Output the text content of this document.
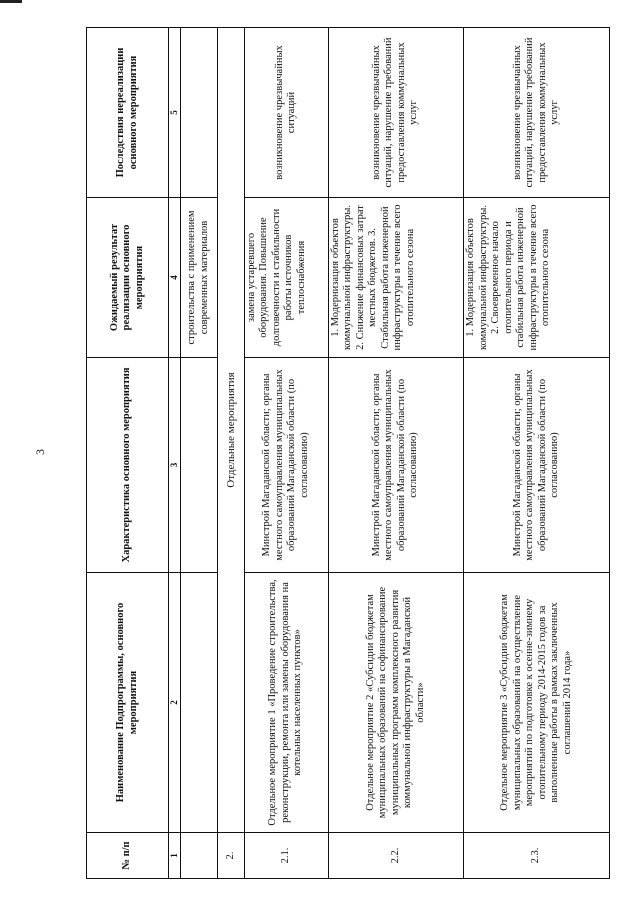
3
№ п/п	Наименование Подпрограммы, основного мероприятия	Характеристика основного мероприятия	Ожидаемый результат реализации основного мероприятия	Последствия нереализации основного мероприятия
1	2	3	4	5
			строительства с применением современных материалов	
2.	Отдельные мероприятия			
2.1.	Отдельное мероприятие 1 «Проведение строительства, реконструкции, ремонта или замены оборудования на котельных населенных пунктов»	Минстрой Магаданской области; органы местного самоуправления муниципальных образований Магаданской области (по согласованию)	замена устаревшего оборудования. Повышение долговечности и стабильности работы источников теплоснабжения	возникновение чрезвычайных ситуаций
2.2.	Отдельное мероприятие 2 «Субсидии бюджетам муниципальных образований на софинансирование муниципальных программ комплексного развития коммунальной инфраструктуры в Магаданской области»	Минстрой Магаданской области; органы местного самоуправления муниципальных образований Магаданской области (по согласованию)	1. Модернизация объектов коммунальной инфраструктуры. 2. Снижение финансовых затрат местных бюджетов. 3. Стабильная работа инженерной инфраструктуры в течение всего отопительного сезона	возникновение чрезвычайных ситуаций, нарушение требований предоставления коммунальных услуг
2.3.	Отдельное мероприятие 3 «Субсидии бюджетам муниципальных образований на осуществление мероприятий по подготовке к осенне-зимнему отопительному периоду 2014-2015 годов за выполненные работы в рамках заключенных соглашений 2014 года»	Минстрой Магаданской области; органы местного самоуправления муниципальных образований Магаданской области (по согласованию)	1. Модернизация объектов коммунальной инфраструктуры. 2. Своевременное начало отопительного периода и стабильная работа инженерной инфраструктуры в течение всего отопительного сезона	возникновение чрезвычайных ситуаций, нарушение требований предоставления коммунальных услуг
